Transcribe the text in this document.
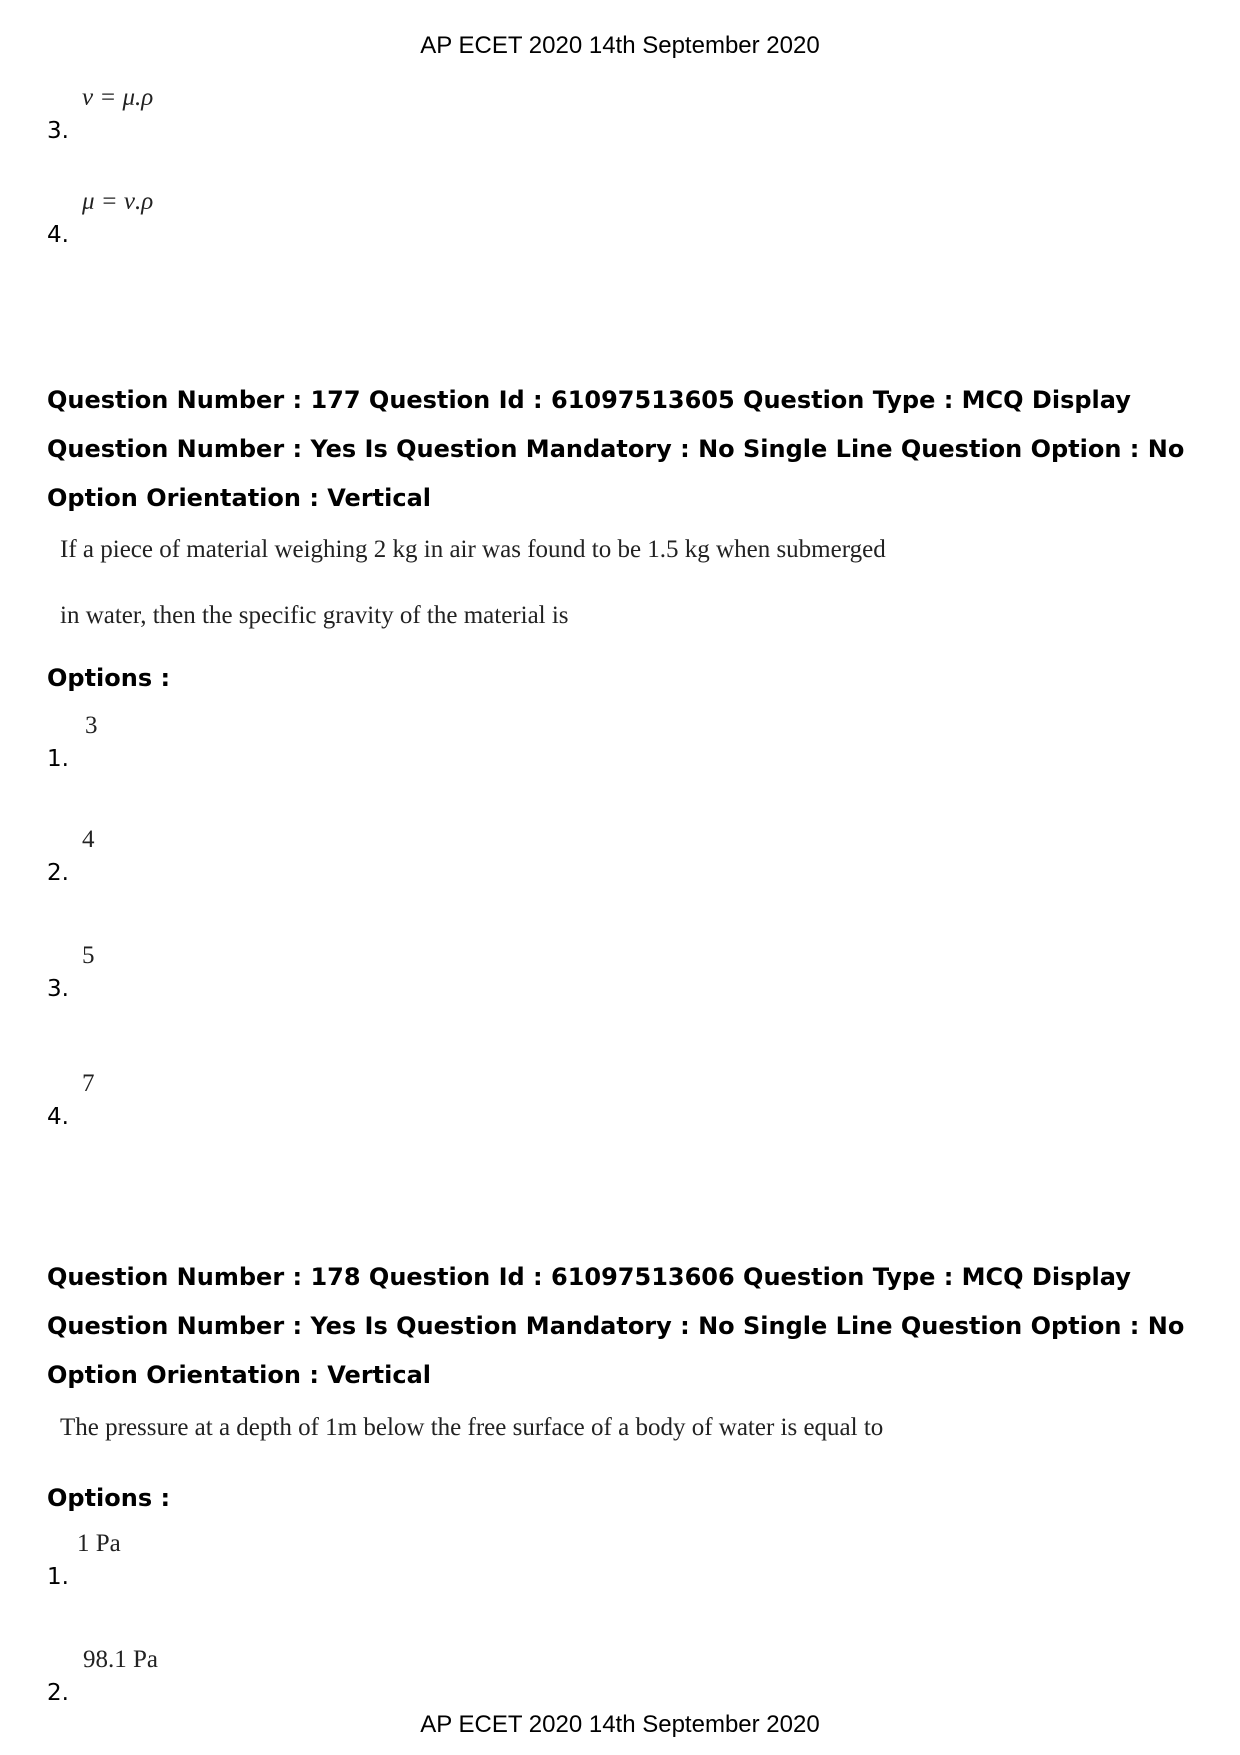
AP ECET 2020 14th September 2020
3.
ν = μ.ρ
4.
μ = ν.ρ
Question Number : 177 Question Id : 61097513605 Question Type : MCQ Display Question Number : Yes Is Question Mandatory : No Single Line Question Option : No Option Orientation : Vertical
If a piece of material weighing 2 kg in air was found to be 1.5 kg when submerged
in water, then the specific gravity of the material is
Options :
1.
3
2.
4
3.
5
4.
7
Question Number : 178 Question Id : 61097513606 Question Type : MCQ Display Question Number : Yes Is Question Mandatory : No Single Line Question Option : No Option Orientation : Vertical
The pressure at a depth of 1m below the free surface of a body of water is equal to
Options :
1.
1 Pa
2.
98.1 Pa
AP ECET 2020 14th September 2020
